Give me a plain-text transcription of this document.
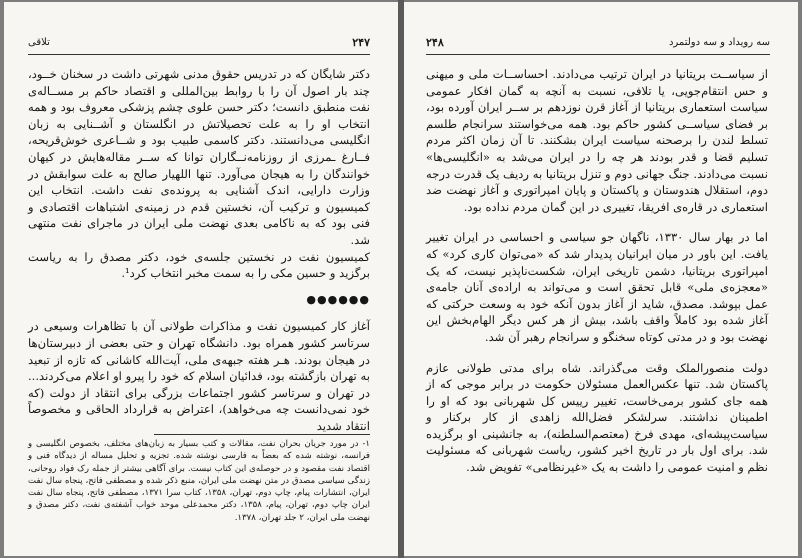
۲۴۷
تلاقی

دکتر شایگان که در تدریس حقوق مدنی شهرتی داشت در سخنان خــود، چند بار اصول آن را با روابط بین‌المللی و اقتصاد حاکم بر مســاله‌ی نفت منطبق دانست؛ دکتر حسن علوی چشم پزشکی معروف بود و همه انتخاب او را به علت تحصیلاتش در انگلستان و آشــنایی به زبان انگلیسی می‌دانستند. دکتر کاسمی طبیب بود و شــاعری خوش‌قریحه، فــارغ‌ ـمرزی از روزنامه‌نــگاران توانا که ســر مقاله‌هایش در کیهان خوانندگان را به هیجان می‌آورد. تنها اللهیار صالح به علت سوابقش در وزارت دارایی، اندک آشنایی به پرونده‌ی نفت داشت. انتخاب این کمیسیون و ترکیب آن، نخستین قدم در زمینه‌ی اشتباهات اقتصادی و فنی بود که به ناکامی بعدی نهضت ملی ایران در ماجرای نفت منتهی شد.

کمیسیون نفت در نخستین جلسه‌ی خود، دکتر مصدق را به ریاست برگزید و حسین مکی را به سمت مخبر انتخاب کرد¹.

●●●●●●

آغاز کار کمیسیون نفت و مذاکرات طولانی آن با تظاهرات وسیعی در سرتاسر کشور همراه بود. دانشگاه تهران و حتی بعضی از دبیرستان‌ها در هیجان بودند. هـر هفته جبهه‌ی ملی، آیت‌الله کاشانی که تازه از تبعید به تهران بازگشته بود، فدائیان اسلام که خود را پیرو او اعلام می‌کردند... در تهران و سرتاسر کشور اجتماعات بزرگی برای انتقاد از دولت (که خود نمی‌دانست چه می‌خواهد)، اعتراض به قرارداد الحاقی و مخصوصاً انتقاد شدید

۱- در مورد جریان بحران نفت، مقالات و کتب بسیار به زبان‌های مختلف، بخصوص انگلیسی و فرانسه، نوشته شده که بعضاً به فارسی نوشته شده. تجزیه و تحلیل مساله از دیدگاه فنی و اقتصاد نفت مقصود و در حوصله‌ی این کتاب نیست. برای آگاهی بیشتر از جمله رک فواد روحانی، زندگی سیاسی مصدق در متن نهضت ملی ایران، منبع ذکر شده و مصطفی فاتح، پنجاه سال نفت ایران، انتشارات پیام، چاپ دوم، تهران، ۱۳۵۸، کتاب سرا ۱۳۷۱، مصطفی فاتح، پنجاه سال نفت ایران چاپ دوم، تهران، پیام، ۱۳۵۸، دکتر محمدعلی موحد خواب آشفته‌ی نفت، دکتر مصدق و نهضت ملی ایران، ۲ جلد تهران، ۱۳۷۸.
۲۴۸	سه رویداد و سه دولتمرد

از سیاســت بریتانیا در ایران ترتیب می‌دادند. احساســات ملی و میهنی و حس انتقام‌جویی، یا تلافی، نسبت به آنچه به گمان افکار عمومی سیاست استعماری بریتانیا از آغاز قرن نوزدهم بر ســر ایران آورده بود، بر فضای سیاســی کشور حاکم بود. همه می‌خواستند سرانجام طلسم تسلط لندن را برصحنه سیاست ایران بشکنند. تا آن زمان اکثر مردم تسلیم قضا و قدر بودند هر چه را در ایران می‌شد به «انگلیسی‌ها» نسبت می‌دادند. جنگ جهانی دوم و تنزل بریتانیا به ردیف یک قدرت درجه دوم، استقلال هندوستان و پاکستان و پایان امپراتوری و آغاز نهضت ضد استعماری در قاره‌ی افریقا، تغییری در این گمان مردم نداده بود.

اما در بهار سال ۱۳۳۰، ناگهان جو سیاسی و احساسی در ایران تغییر یافت. این باور در میان ایرانیان پدیدار شد که «می‌توان کاری کرد» که امپراتوری بریتانیا، دشمن تاریخی ایران، شکست‌ناپذیر نیست، که یک «معجزه‌ی ملی» قابل تحقق است و می‌تواند به اراده‌ی آنان جامه‌ی عمل بپوشد. مصدق، شاید از آغاز بدون آنکه خود به وسعت حرکتی که آغاز شده بود کاملاً واقف باشد، بیش از هر کس دیگر الهام‌بخش این نهضت بود و در مدتی کوتاه سخنگو و سرانجام رهبر آن شد.

دولت منصورالملک وقت می‌گذراند. شاه برای مدتی طولانی عازم پاکستان شد. تنها عکس‌العمل مسئولان حکومت در برابر موجی که از همه جای کشور برمی‌خاست، تغییر رییس کل شهربانی بود که او را اطمینان نداشتند. سرلشکر فضل‌الله زاهدی از کار برکنار و سیاست‌پیشه‌ای، مهدی فرخ (معتصم‌السلطنه)، به جانشینی او برگزیده شد. برای اول بار در تاریخ اخیر کشور، ریاست شهربانی که مسئولیت نظم و امنیت عمومی را داشت به یک «غیرنظامی» تفویض شد.
